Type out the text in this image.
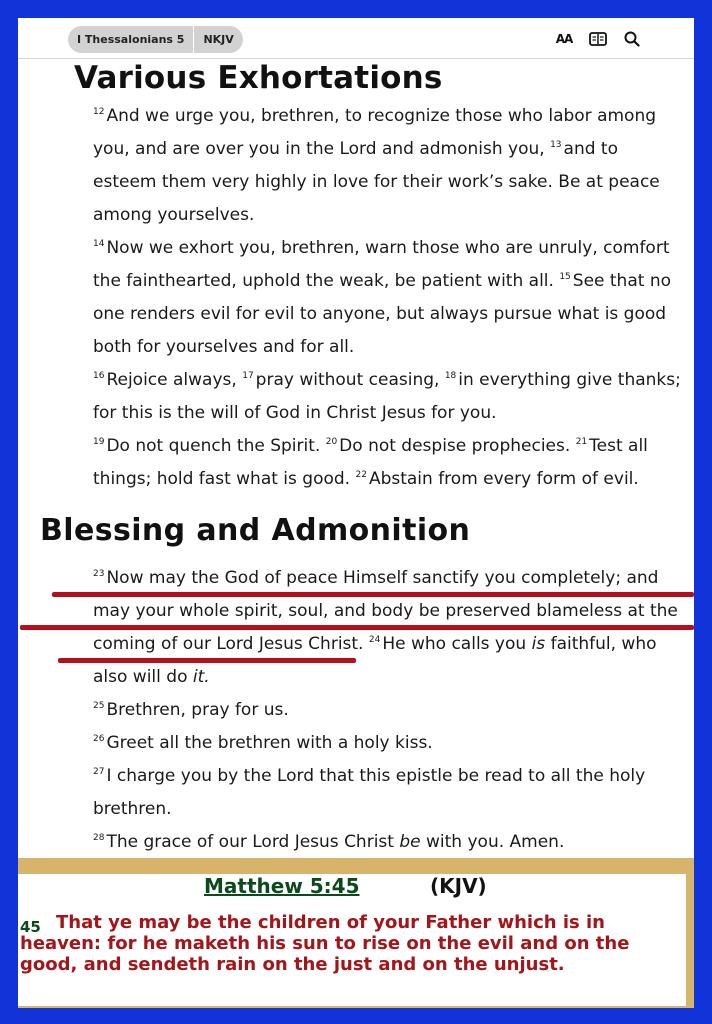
I Thessalonians 5	NKJV	AA
Various Exhortations

$^{12}$ And we urge you, brethren, to recognize those who labor among you, and are over you in the Lord and admonish you, $^{13}$ and to esteem them very highly in love for their work’s sake. Be at peace among yourselves.

$^{14}$ Now we exhort you, brethren, warn those who are unruly, comfort the fainthearted, uphold the weak, be patient with all. $^{15}$ See that no one renders evil for evil to anyone, but always pursue what is good both for yourselves and for all.

$^{16}$ Rejoice always, $^{17}$ pray without ceasing, $^{18}$ in everything give thanks; for this is the will of God in Christ Jesus for you.

$^{19}$ Do not quench the Spirit. $^{20}$ Do not despise prophecies. $^{21}$ Test all things; hold fast what is good. $^{22}$ Abstain from every form of evil.

Blessing and Admonition

$^{23}$ Now may the God of peace Himself sanctify you completely; and may your whole spirit, soul, and body be preserved blameless at the coming of our Lord Jesus Christ. $^{24}$ He who calls you is faithful, who also will do it.

$^{25}$ Brethren, pray for us.

$^{26}$ Greet all the brethren with a holy kiss.

$^{27}$ I charge you by the Lord that this epistle be read to all the holy brethren.

$^{28}$ The grace of our Lord Jesus Christ be with you. Amen.

Matthew 5:45	(KJV)
45 That ye may be the children of your Father which is in heaven: for he maketh his sun to rise on the evil and on the good, and sendeth rain on the just and on the unjust.
